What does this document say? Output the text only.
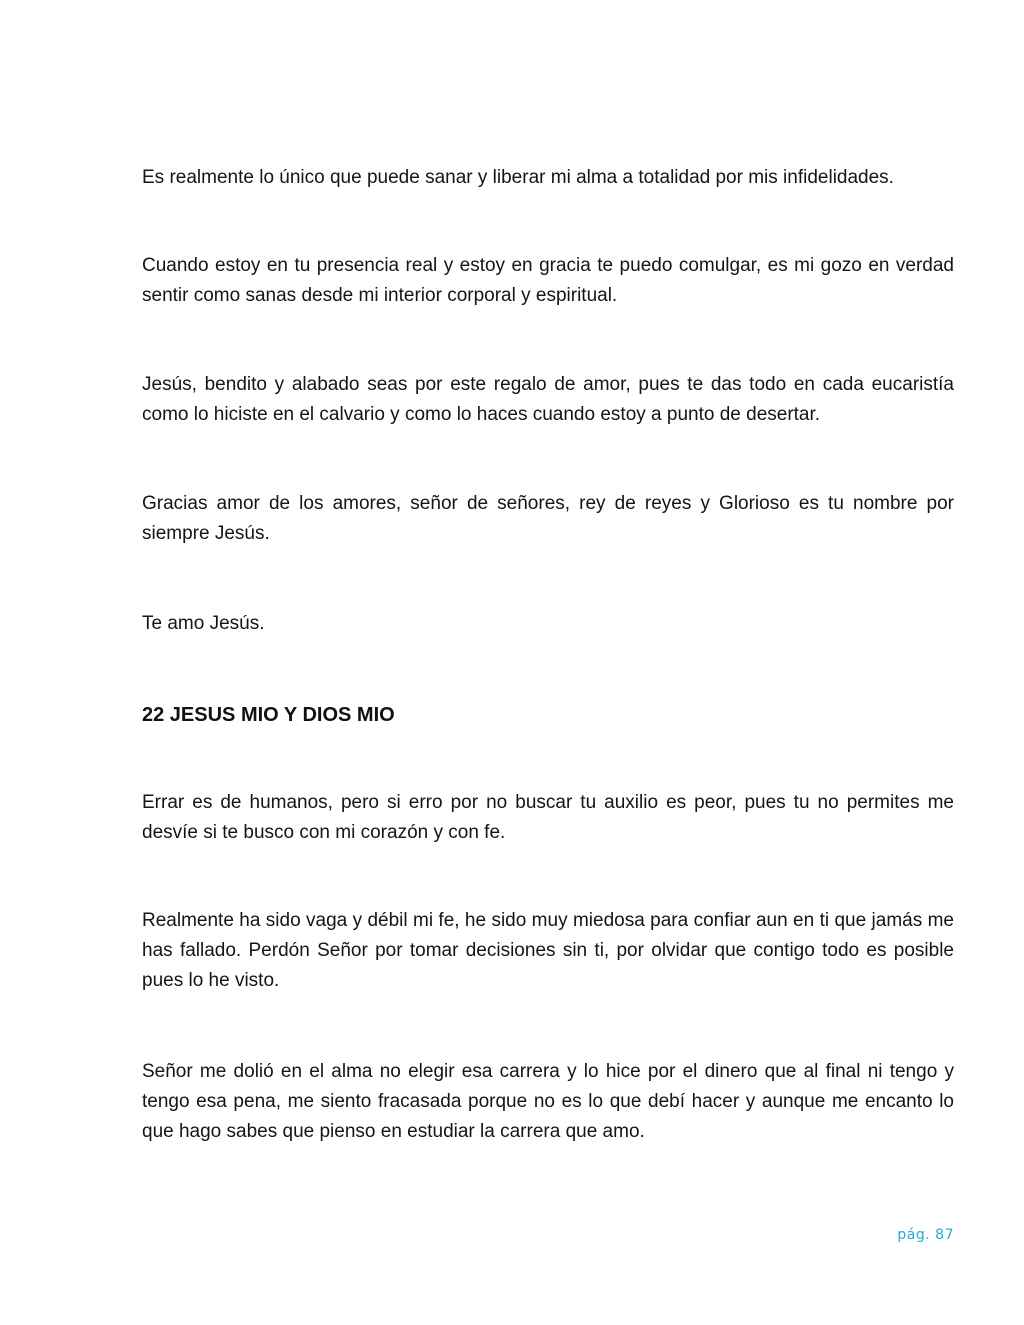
Es realmente lo único que puede sanar y liberar mi alma a totalidad por mis infidelidades.

Cuando estoy en tu presencia real y estoy en gracia te puedo comulgar, es mi gozo en verdad sentir como sanas desde mi interior corporal y espiritual.

Jesús, bendito y alabado seas por este regalo de amor, pues te das todo en cada eucaristía como lo hiciste en el calvario y como lo haces cuando estoy a punto de desertar.

Gracias amor de los amores, señor de señores, rey de reyes y Glorioso es tu nombre por siempre Jesús.

Te amo Jesús.

22 JESUS MIO Y DIOS MIO

Errar es de humanos, pero si erro por no buscar tu auxilio es peor, pues tu no permites me desvíe si te busco con mi corazón y con fe.

Realmente ha sido vaga y débil mi fe, he sido muy miedosa para confiar aun en ti que jamás me has fallado. Perdón Señor por tomar decisiones sin ti, por olvidar que contigo todo es posible pues lo he visto.

Señor me dolió en el alma no elegir esa carrera y lo hice por el dinero que al final ni tengo y tengo esa pena, me siento fracasada porque no es lo que debí hacer y aunque me encanto lo que hago sabes que pienso en estudiar la carrera que amo.

pág. 87
